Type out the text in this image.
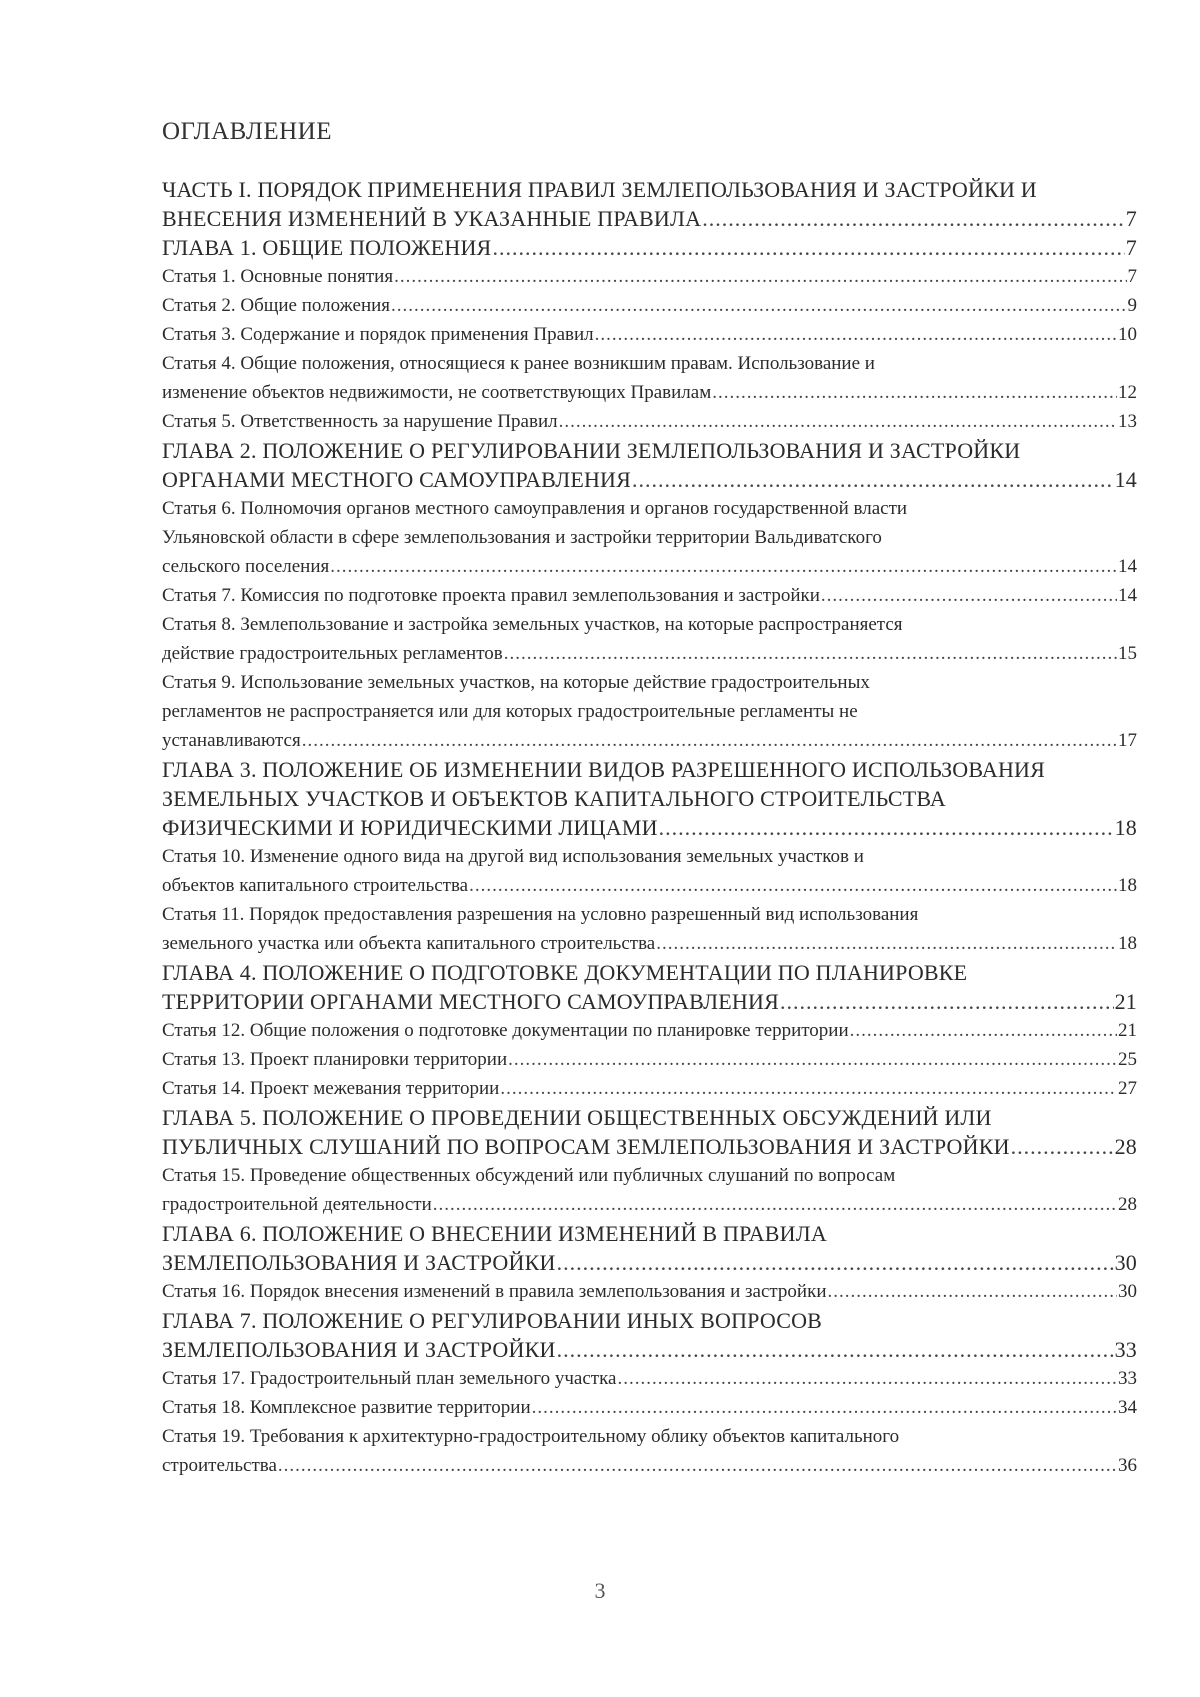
ОГЛАВЛЕНИЕ
ЧАСТЬ I. ПОРЯДОК ПРИМЕНЕНИЯ ПРАВИЛ ЗЕМЛЕПОЛЬЗОВАНИЯ И ЗАСТРОЙКИ И
ВНЕСЕНИЯ ИЗМЕНЕНИЙ В УКАЗАННЫЕ ПРАВИЛА .....	7
ГЛАВА 1. ОБЩИЕ ПОЛОЖЕНИЯ .....	7
Статья 1. Основные понятия .....	7
Статья 2. Общие положения .....	9
Статья 3. Содержание и порядок применения Правил .....	10
Статья 4. Общие положения, относящиеся к ранее возникшим правам. Использование и
изменение объектов недвижимости, не соответствующих Правилам .....	12
Статья 5. Ответственность за нарушение Правил .....	13
ГЛАВА 2. ПОЛОЖЕНИЕ О РЕГУЛИРОВАНИИ ЗЕМЛЕПОЛЬЗОВАНИЯ И ЗАСТРОЙКИ
ОРГАНАМИ МЕСТНОГО САМОУПРАВЛЕНИЯ .....	14
Статья 6. Полномочия органов местного самоуправления и органов государственной власти
Ульяновской области в сфере землепользования и застройки территории Вальдиватского
сельского поселения .....	14
Статья 7. Комиссия по подготовке проекта правил землепользования и застройки .....	14
Статья 8. Землепользование и застройка земельных участков, на которые распространяется
действие градостроительных регламентов .....	15
Статья 9. Использование земельных участков, на которые действие градостроительных
регламентов не распространяется или для которых градостроительные регламенты не
устанавливаются .....	17
ГЛАВА 3. ПОЛОЖЕНИЕ ОБ ИЗМЕНЕНИИ ВИДОВ РАЗРЕШЕННОГО ИСПОЛЬЗОВАНИЯ
ЗЕМЕЛЬНЫХ УЧАСТКОВ И ОБЪЕКТОВ КАПИТАЛЬНОГО СТРОИТЕЛЬСТВА
ФИЗИЧЕСКИМИ И ЮРИДИЧЕСКИМИ ЛИЦАМИ .....	18
Статья 10. Изменение одного вида на другой вид использования земельных участков и
объектов капитального строительства .....	18
Статья 11. Порядок предоставления разрешения на условно разрешенный вид использования
земельного участка или объекта капитального строительства .....	18
ГЛАВА 4. ПОЛОЖЕНИЕ О ПОДГОТОВКЕ ДОКУМЕНТАЦИИ ПО ПЛАНИРОВКЕ
ТЕРРИТОРИИ ОРГАНАМИ МЕСТНОГО САМОУПРАВЛЕНИЯ .....	21
Статья 12. Общие положения о подготовке документации по планировке территории .....	21
Статья 13. Проект планировки территории .....	25
Статья 14. Проект межевания территории .....	27
ГЛАВА 5. ПОЛОЖЕНИЕ О ПРОВЕДЕНИИ ОБЩЕСТВЕННЫХ ОБСУЖДЕНИЙ ИЛИ
ПУБЛИЧНЫХ СЛУШАНИЙ ПО ВОПРОСАМ ЗЕМЛЕПОЛЬЗОВАНИЯ И ЗАСТРОЙКИ .....	28
Статья 15. Проведение общественных обсуждений или публичных слушаний по вопросам
градостроительной деятельности .....	28
ГЛАВА 6. ПОЛОЖЕНИЕ О ВНЕСЕНИИ ИЗМЕНЕНИЙ В ПРАВИЛА
ЗЕМЛЕПОЛЬЗОВАНИЯ И ЗАСТРОЙКИ .....	30
Статья 16. Порядок внесения изменений в правила землепользования и застройки .....	30
ГЛАВА 7. ПОЛОЖЕНИЕ О РЕГУЛИРОВАНИИ ИНЫХ ВОПРОСОВ
ЗЕМЛЕПОЛЬЗОВАНИЯ И ЗАСТРОЙКИ .....	33
Статья 17. Градостроительный план земельного участка .....	33
Статья 18. Комплексное развитие территории .....	34
Статья 19. Требования к архитектурно-градостроительному облику объектов капитального
строительства .....	36
3
